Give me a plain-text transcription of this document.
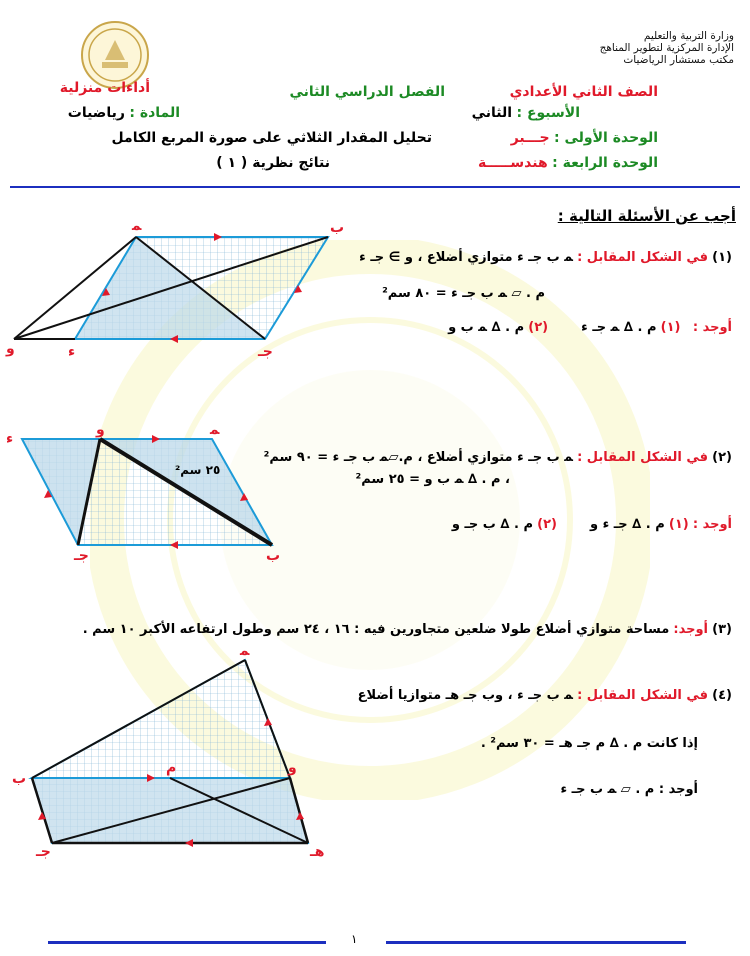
وزارة التربية والتعليم
الإدارة المركزية لتطوير المناهج
مكتب مستشار الرياضيات
الصف الثاني الأعدادي
الفصل الدراسي الثاني
أداءات منزلية
الأسبوع : الثاني
المادة : رياضيات
الوحدة الأولى : جـــبر
تحليل المقدار الثلاثي على صورة المربع الكامل
الوحدة الرابعة : هندســـــة
نتائج نظرية ( ١ )
أجب عن الأسئلة التالية :
(١) في الشكل المقابل : ﻤ ب جـ ء متوازي أضلاع ، و ∋ جـ ء
م . ▱ ﻤ ب جـ ء = ٨٠ سم²
أوجد :   (١) م . ∆ ﻤ جـ ء        (٢) م . ∆ ﻤ ب و
ﻤ	ب
جـ
ء
و
(٢) في الشكل المقابل : ﻤ ب جـ ء متوازي أضلاع ، م.▱ﻤ ب جـ ء = ٩٠ سم²
، م . ∆ ﻤ ب و = ٢٥ سم²
أوجد : (١) م . ∆ جـ ء و        (٢) م . ∆ ب جـ و
٢٥ سم²
ﻤ
و
ء
جـ	ب
(٣) أوجد: مساحة متوازي أضلاع طولا ضلعين متجاورين فيه : ١٦ ، ٢٤ سم وطول ارتفاعه الأكبر ١٠ سم .
(٤) في الشكل المقابل : ﻤ ب جـ ء ، وب جـ هـ متوازيا أضلاع
إذا كانت م . ∆ م جـ هـ = ٣٠ سم² .
أوجد : م . ▱ ﻤ ب جـ ء
ﻤ
ب
م	و
جـ	هـ
١
